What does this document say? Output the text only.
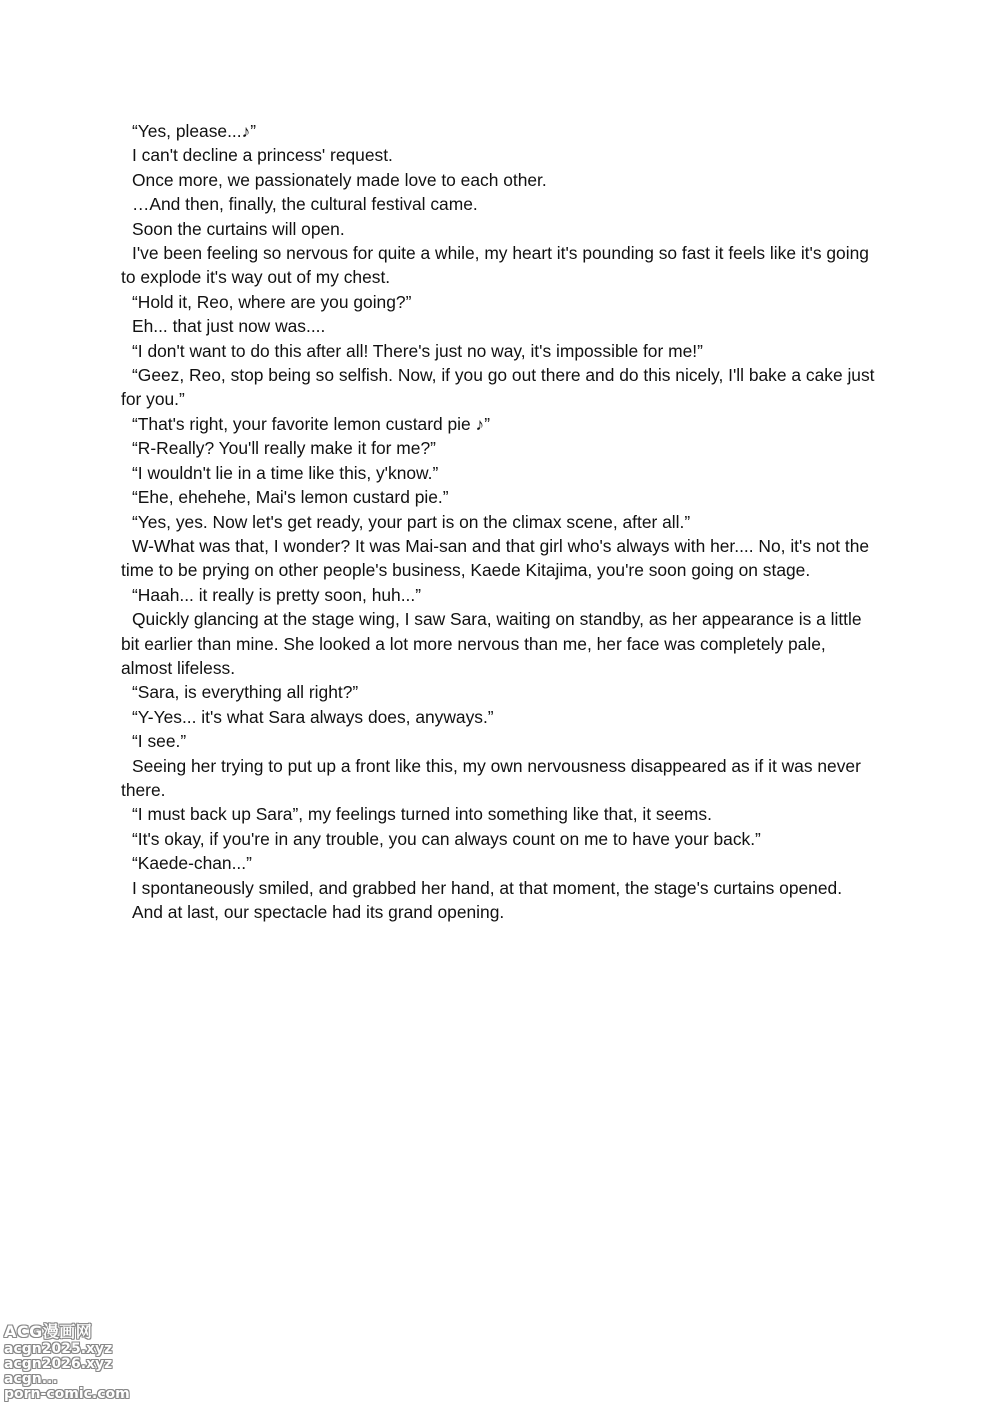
“Yes, please...♪”

I can't decline a princess' request.

Once more, we passionately made love to each other.

…And then, finally, the cultural festival came.

Soon the curtains will open.

I've been feeling so nervous for quite a while, my heart it's pounding so fast it feels like it's going to explode it's way out of my chest.

“Hold it, Reo, where are you going?”

Eh... that just now was....

“I don't want to do this after all! There's just no way, it's impossible for me!”

“Geez, Reo, stop being so selfish. Now, if you go out there and do this nicely, I'll bake a cake just for you.”

“That's right, your favorite lemon custard pie ♪”

“R-Really? You'll really make it for me?”

“I wouldn't lie in a time like this, y'know.”

“Ehe, ehehehe, Mai's lemon custard pie.”

“Yes, yes. Now let's get ready, your part is on the climax scene, after all.”

W-What was that, I wonder? It was Mai-san and that girl who's always with her.... No, it's not the time to be prying on other people's business, Kaede Kitajima, you're soon going on stage.

“Haah... it really is pretty soon, huh...”

Quickly glancing at the stage wing, I saw Sara, waiting on standby, as her appearance is a little bit earlier than mine. She looked a lot more nervous than me, her face was completely pale, almost lifeless.

“Sara, is everything all right?”

“Y-Yes... it's what Sara always does, anyways.”

“I see.”

Seeing her trying to put up a front like this, my own nervousness disappeared as if it was never there.

“I must back up Sara”, my feelings turned into something like that, it seems.

“It's okay, if you're in any trouble, you can always count on me to have your back.”

“Kaede-chan...”

I spontaneously smiled, and grabbed her hand, at that moment, the stage's curtains opened.

And at last, our spectacle had its grand opening.

ACG漫画网
acgn2025.xyz
acgn2026.xyz
acgn...
porn-comic.com
